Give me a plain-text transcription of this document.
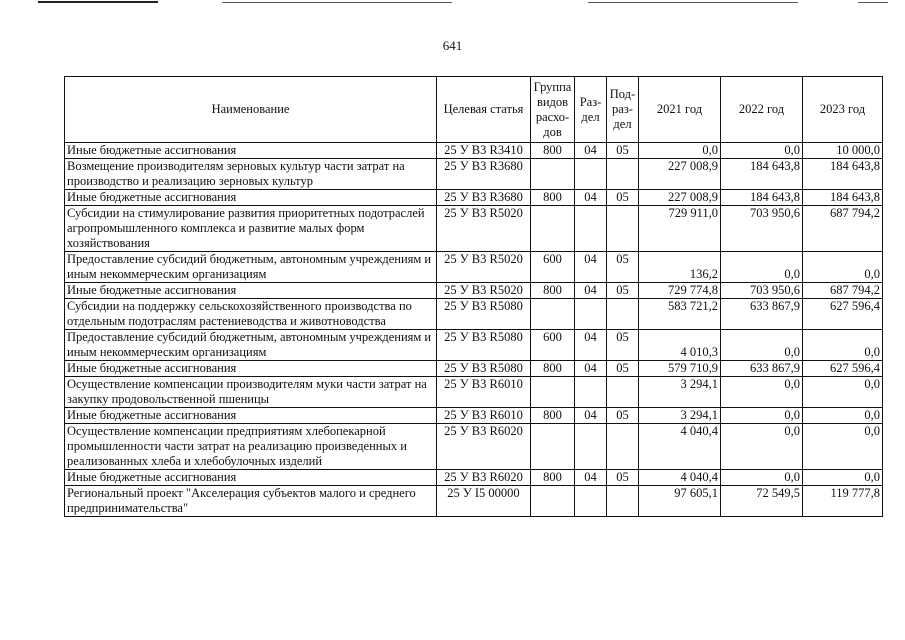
641
Наименование	Целевая статья	Группа видов расхо-дов	Раз-дел	Под-раз-дел	2021 год	2022 год	2023 год
Иные бюджетные ассигнования	25 У В3 R3410	800	04	05	0,0	0,0	10 000,0
Возмещение производителям зерновых культур части затрат на производство и реализацию зерновых культур	25 У В3 R3680				227 008,9	184 643,8	184 643,8
Иные бюджетные ассигнования	25 У В3 R3680	800	04	05	227 008,9	184 643,8	184 643,8
Субсидии на стимулирование развития приоритетных подотраслей агропромышленного комплекса и развитие малых форм хозяйствования	25 У В3 R5020				729 911,0	703 950,6	687 794,2
Предоставление субсидий бюджетным, автономным учреждениям и иным некоммерческим организациям	25 У В3 R5020	600	04	05	136,2	0,0	0,0
Иные бюджетные ассигнования	25 У В3 R5020	800	04	05	729 774,8	703 950,6	687 794,2
Субсидии на поддержку сельскохозяйственного производства по отдельным подотраслям растениеводства и животноводства	25 У В3 R5080				583 721,2	633 867,9	627 596,4
Предоставление субсидий бюджетным, автономным учреждениям и иным некоммерческим организациям	25 У В3 R5080	600	04	05	4 010,3	0,0	0,0
Иные бюджетные ассигнования	25 У В3 R5080	800	04	05	579 710,9	633 867,9	627 596,4
Осуществление компенсации производителям муки части затрат на закупку продовольственной пшеницы	25 У В3 R6010				3 294,1	0,0	0,0
Иные бюджетные ассигнования	25 У В3 R6010	800	04	05	3 294,1	0,0	0,0
Осуществление компенсации предприятиям хлебопекарной промышленности части затрат на реализацию произведенных и реализованных хлеба и хлебобулочных изделий	25 У В3 R6020				4 040,4	0,0	0,0
Иные бюджетные ассигнования	25 У В3 R6020	800	04	05	4 040,4	0,0	0,0
Региональный проект "Акселерация субъектов малого и среднего предпринимательства"	25 У I5 00000				97 605,1	72 549,5	119 777,8
